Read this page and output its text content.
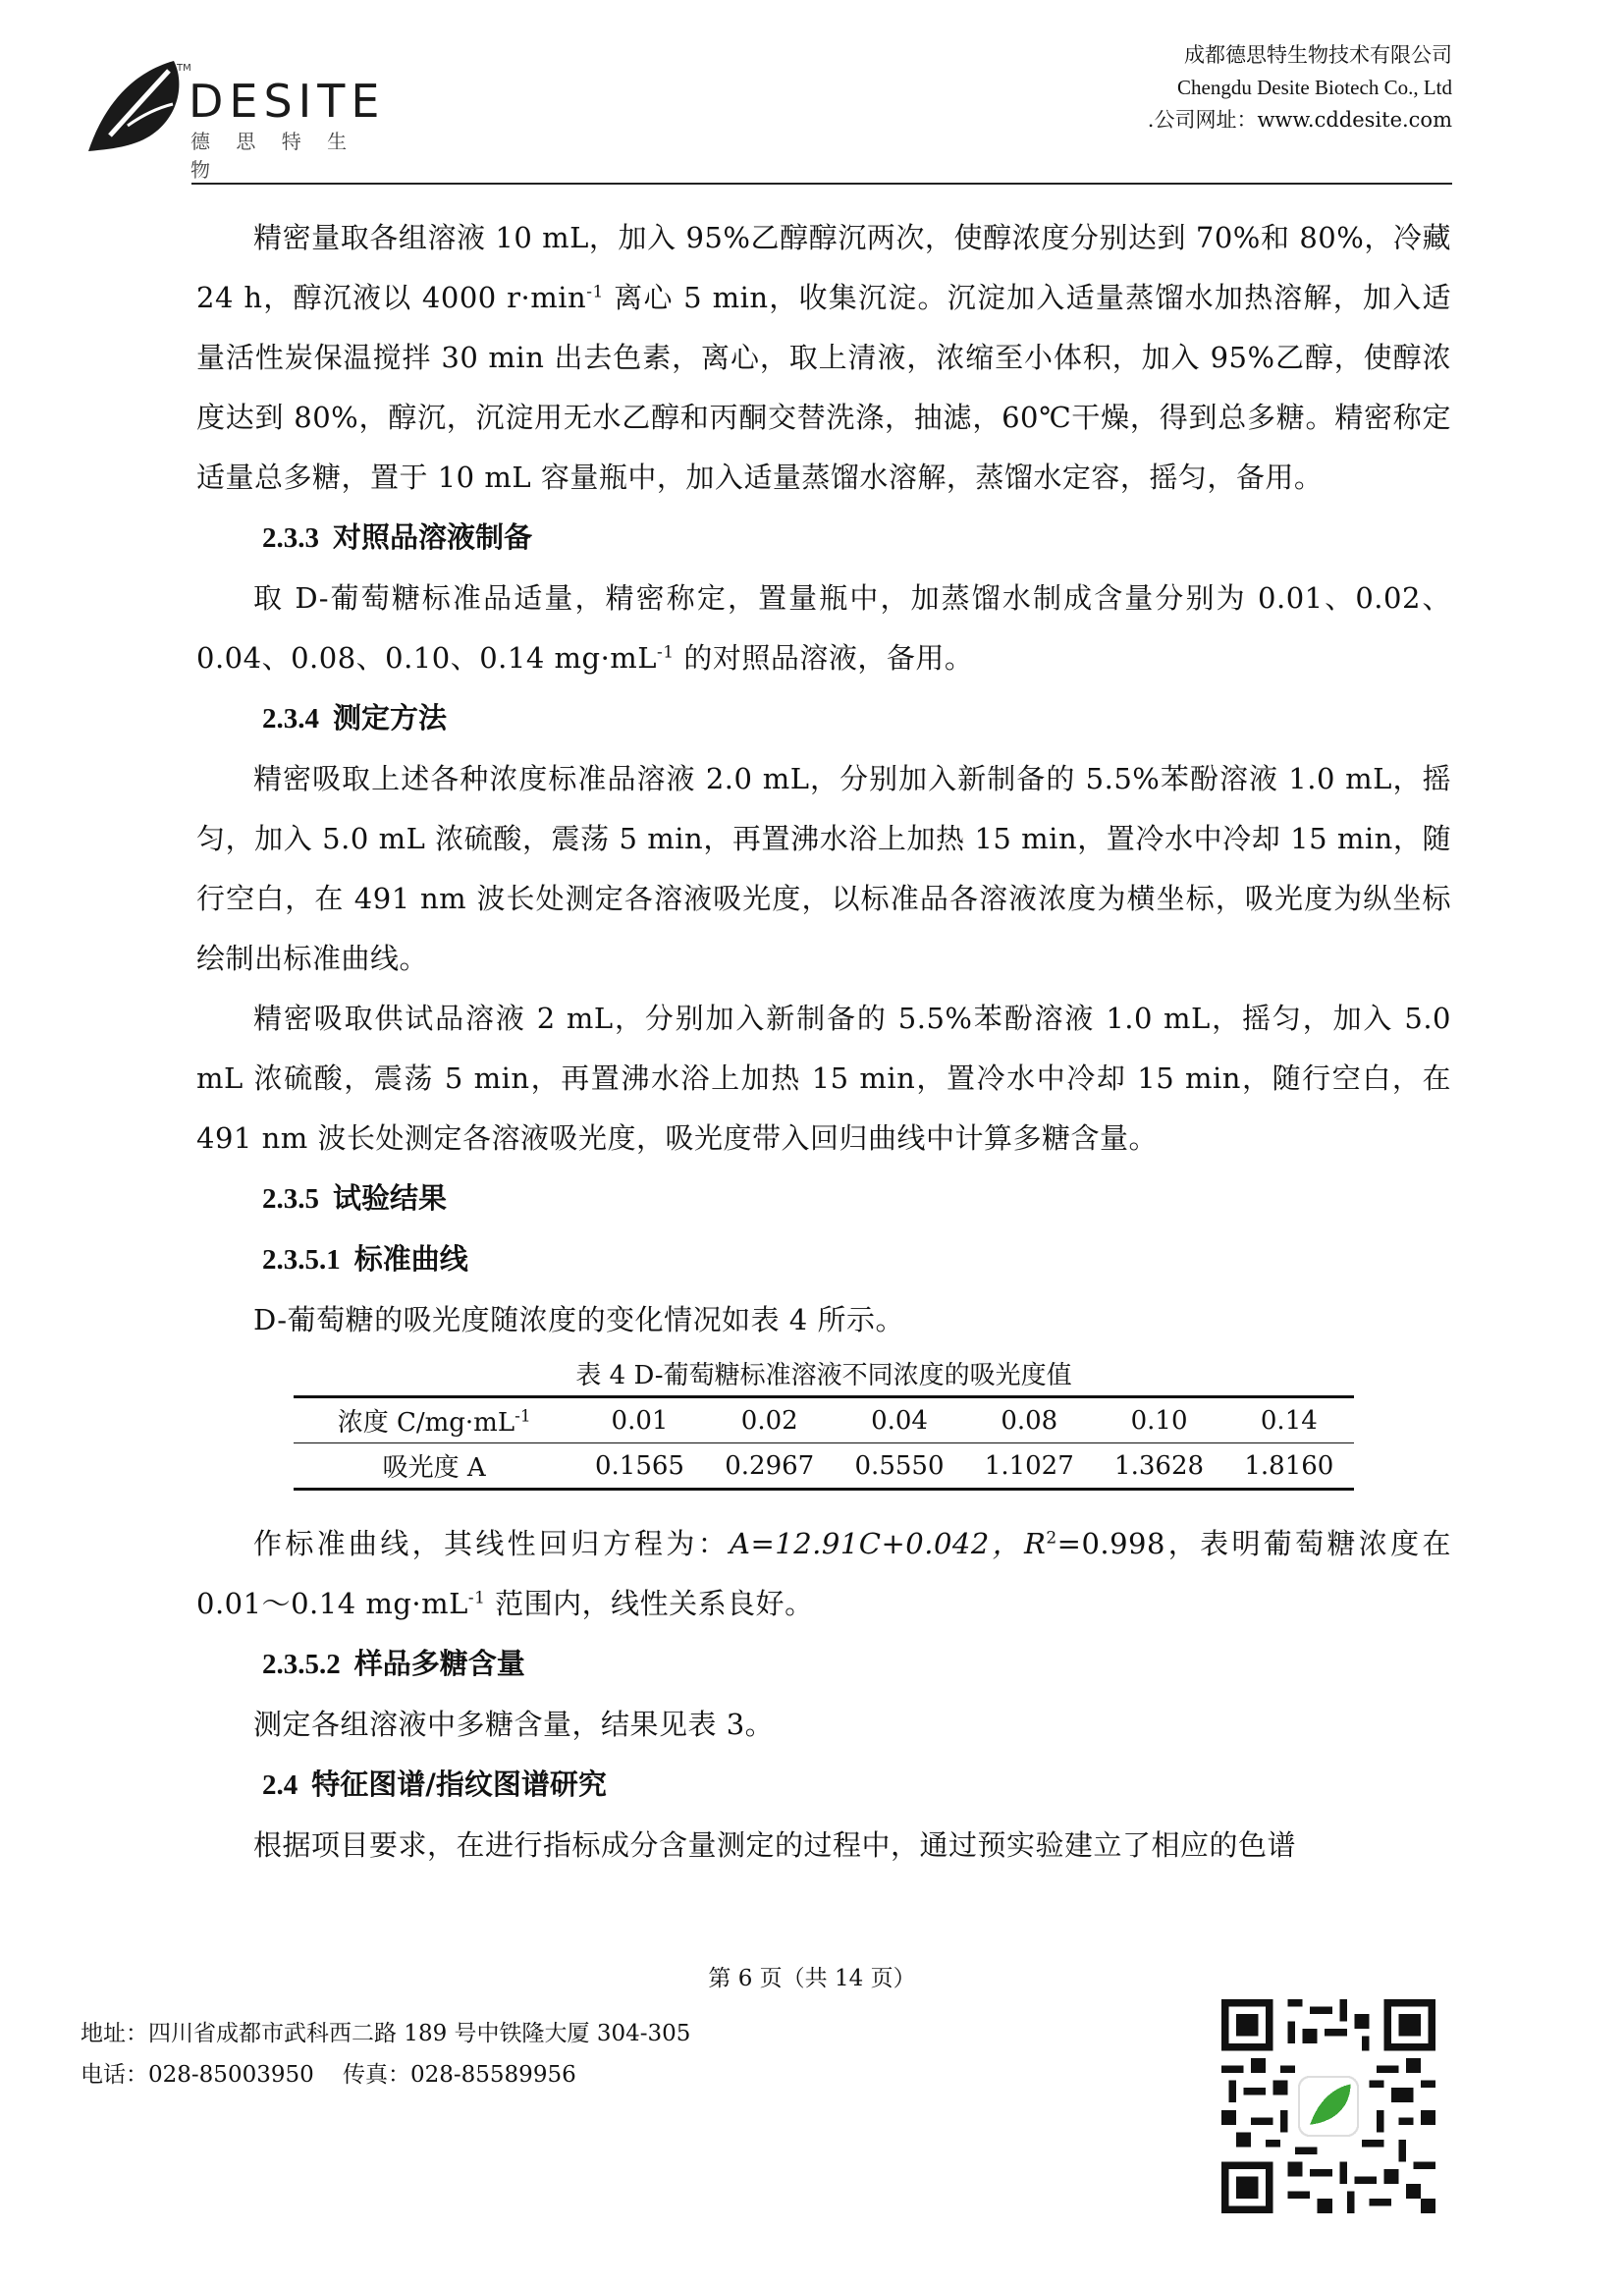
TM
DESITE
德 思 特 生 物
成都德思特生物技术有限公司
Chengdu Desite Biotech Co., Ltd
.公司网址：www.cddesite.com

精密量取各组溶液 10 mL，加入 95%乙醇醇沉两次，使醇浓度分别达到 70%和 80%，冷藏 24 h，醇沉液以 4000 $r\cdot\min^{-1}$ 离心 5 min，收集沉淀。沉淀加入适量蒸馏水加热溶解，加入适量活性炭保温搅拌 30 min 出去色素，离心，取上清液，浓缩至小体积，加入 95%乙醇，使醇浓度达到 80%，醇沉，沉淀用无水乙醇和丙酮交替洗涤，抽滤，60℃干燥，得到总多糖。精密称定适量总多糖，置于 10 mL 容量瓶中，加入适量蒸馏水溶解，蒸馏水定容，摇匀，备用。

2.3.3 对照品溶液制备

取 D-葡萄糖标准品适量，精密称定，置量瓶中，加蒸馏水制成含量分别为 0.01、0.02、0.04、0.08、0.10、0.14 $mg\cdot mL^{-1}$ 的对照品溶液，备用。

2.3.4 测定方法

精密吸取上述各种浓度标准品溶液 2.0 mL，分别加入新制备的 5.5%苯酚溶液 1.0 mL，摇匀，加入 5.0 mL 浓硫酸，震荡 5 min，再置沸水浴上加热 15 min，置冷水中冷却 15 min，随行空白，在 491 nm 波长处测定各溶液吸光度，以标准品各溶液浓度为横坐标，吸光度为纵坐标绘制出标准曲线。

精密吸取供试品溶液 2 mL，分别加入新制备的 5.5%苯酚溶液 1.0 mL，摇匀，加入 5.0 mL 浓硫酸，震荡 5 min，再置沸水浴上加热 15 min，置冷水中冷却 15 min，随行空白，在 491 nm 波长处测定各溶液吸光度，吸光度带入回归曲线中计算多糖含量。

2.3.5 试验结果

2.3.5.1 标准曲线

D-葡萄糖的吸光度随浓度的变化情况如表 4 所示。

表 4 D-葡萄糖标准溶液不同浓度的吸光度值
浓度 $C/mg\cdot mL^{-1}$	0.01	0.02	0.04	0.08	0.10	0.14
吸光度 A	0.1565	0.2967	0.5550	1.1027	1.3628	1.8160

作标准曲线，其线性回归方程为：A=12.91C+0.042，$R^2=0.998$，表明葡萄糖浓度在 0.01～0.14 $mg\cdot mL^{-1}$ 范围内，线性关系良好。

2.3.5.2 样品多糖含量

测定各组溶液中多糖含量，结果见表 3。

2.4 特征图谱/指纹图谱研究

根据项目要求，在进行指标成分含量测定的过程中，通过预实验建立了相应的色谱

第 6 页（共 14 页）
地址：四川省成都市武科西二路 189 号中铁隆大厦 304-305
电话：028-85003950    传真：028-85589956
